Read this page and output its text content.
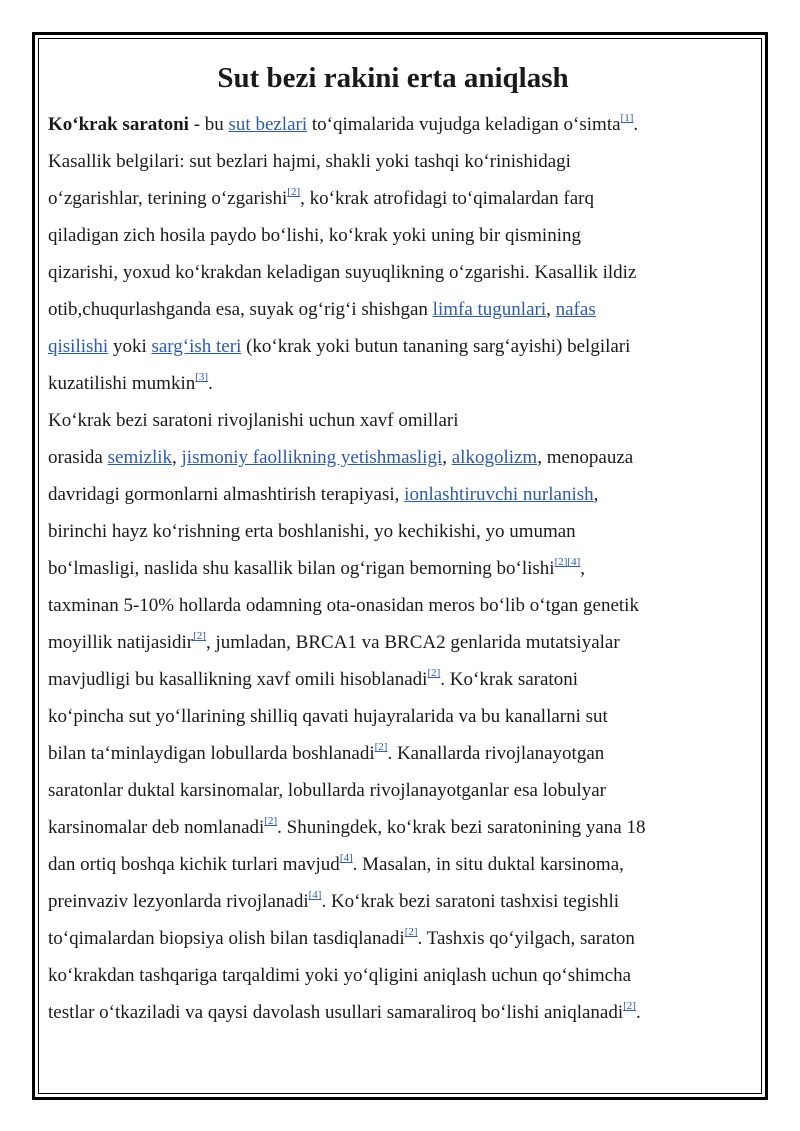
Sut bezi rakini erta aniqlash

Koʻkrak saratoni - bu sut bezlari toʻqimalarida vujudga keladigan oʻsimta[1].

Kasallik belgilari: sut bezlari hajmi, shakli yoki tashqi koʻrinishidagi

oʻzgarishlar, terining oʻzgarishi[2], koʻkrak atrofidagi toʻqimalardan farq

qiladigan zich hosila paydo boʻlishi, koʻkrak yoki uning bir qismining

qizarishi, yoxud koʻkrakdan keladigan suyuqlikning oʻzgarishi. Kasallik ildiz

otib,chuqurlashganda esa, suyak ogʻrigʻi shishgan limfa tugunlari, nafas

qisilishi yoki sargʻish teri (koʻkrak yoki butun tananing sargʻayishi) belgilari

kuzatilishi mumkin[3].

Koʻkrak bezi saratoni rivojlanishi uchun xavf omillari

orasida semizlik, jismoniy faollikning yetishmasligi, alkogolizm, menopauza

davridagi gormonlarni almashtirish terapiyasi, ionlashtiruvchi nurlanish,

birinchi hayz koʻrishning erta boshlanishi, yo kechikishi, yo umuman

boʻlmasligi, naslida shu kasallik bilan ogʻrigan bemorning boʻlishi[2][4],

taxminan 5-10% hollarda odamning ota-onasidan meros boʻlib oʻtgan genetik

moyillik natijasidir[2], jumladan, BRCA1 va BRCA2 genlarida mutatsiyalar

mavjudligi bu kasallikning xavf omili hisoblanadi[2]. Koʻkrak saratoni

koʻpincha sut yoʻllarining shilliq qavati hujayralarida va bu kanallarni sut

bilan taʻminlaydigan lobullarda boshlanadi[2]. Kanallarda rivojlanayotgan

saratonlar duktal karsinomalar, lobullarda rivojlanayotganlar esa lobulyar

karsinomalar deb nomlanadi[2]. Shuningdek, koʻkrak bezi saratonining yana 18

dan ortiq boshqa kichik turlari mavjud[4]. Masalan, in situ duktal karsinoma,

preinvaziv lezyonlarda rivojlanadi[4]. Koʻkrak bezi saratoni tashxisi tegishli

toʻqimalardan biopsiya olish bilan tasdiqlanadi[2]. Tashxis qoʻyilgach, saraton

koʻkrakdan tashqariga tarqaldimi yoki yoʻqligini aniqlash uchun qoʻshimcha

testlar oʻtkaziladi va qaysi davolash usullari samaraliroq boʻlishi aniqlanadi[2].
